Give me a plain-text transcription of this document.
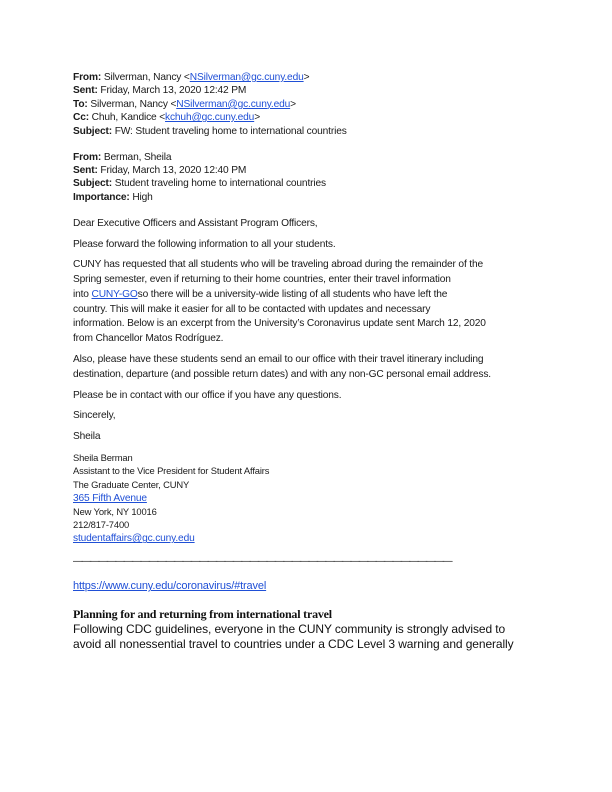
From: Silverman, Nancy <NSilverman@gc.cuny.edu>
Sent: Friday, March 13, 2020 12:42 PM
To: Silverman, Nancy <NSilverman@gc.cuny.edu>
Cc: Chuh, Kandice <kchuh@gc.cuny.edu>
Subject: FW: Student traveling home to international countries
From: Berman, Sheila
Sent: Friday, March 13, 2020 12:40 PM
Subject: Student traveling home to international countries
Importance: High
Dear Executive Officers and Assistant Program Officers,
Please forward the following information to all your students.
CUNY has requested that all students who will be traveling abroad during the remainder of the
Spring semester, even if returning to their home countries, enter their travel information
into CUNY-GOso there will be a university-wide listing of all students who have left the
country. This will make it easier for all to be contacted with updates and necessary
information. Below is an excerpt from the University’s Coronavirus update sent March 12, 2020
from Chancellor Matos Rodríguez.
Also, please have these students send an email to our office with their travel itinerary including
destination, departure (and possible return dates) and with any non-GC personal email address.
Please be in contact with our office if you have any questions.
Sincerely,
Sheila
Sheila Berman
Assistant to the Vice President for Student Affairs
The Graduate Center, CUNY
365 Fifth Avenue
New York, NY 10016
212/817-7400
studentaffairs@gc.cuny.edu
—————————————————————————————————————————————
https://www.cuny.edu/coronavirus/#travel
Planning for and returning from international travel
Following CDC guidelines, everyone in the CUNY community is strongly advised to
avoid all nonessential travel to countries under a CDC Level 3 warning and generally
